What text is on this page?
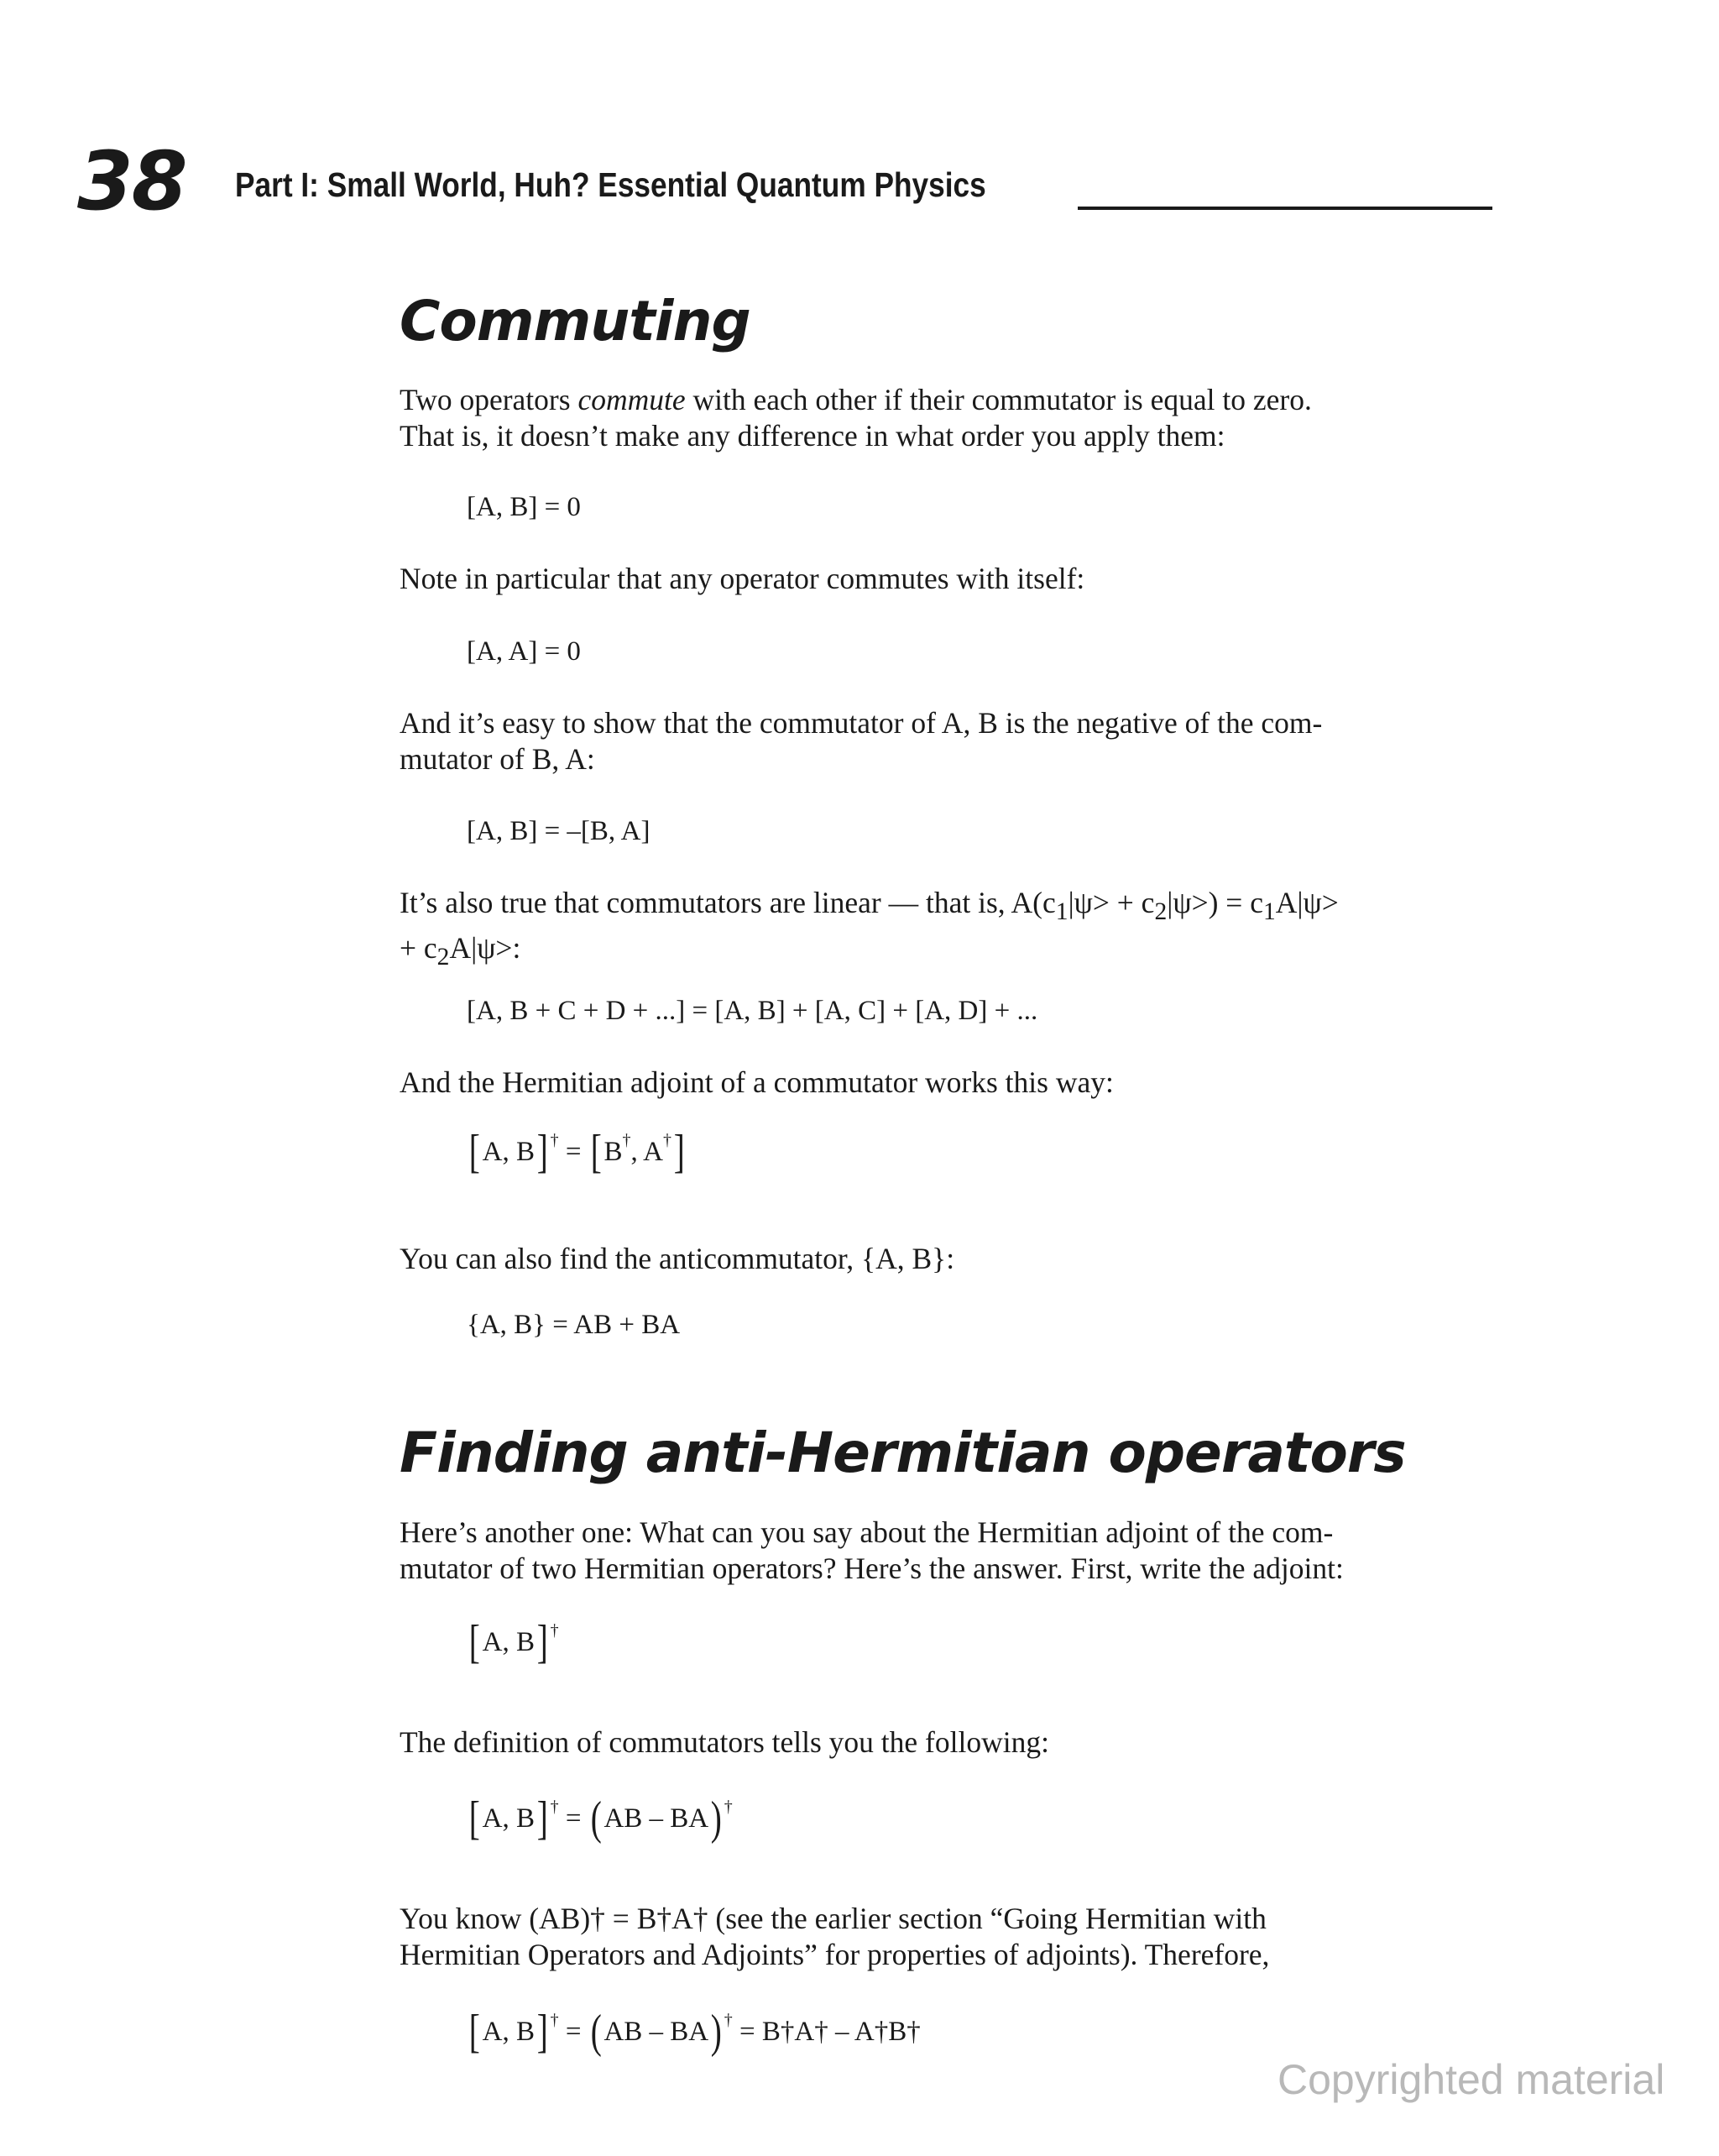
38 Part I: Small World, Huh? Essential Quantum Physics
Commuting

Two operators commute with each other if their commutator is equal to zero.
That is, it doesn’t make any difference in what order you apply them:

[A, B] = 0

Note in particular that any operator commutes with itself:

[A, A] = 0

And it’s easy to show that the commutator of A, B is the negative of the com-
mutator of B, A:

[A, B] = –[B, A]

It’s also true that commutators are linear — that is, $A(c_1|\psi> + c_2|\psi>) = c_1A|\psi>$
+ $c_2A|\psi>$:

[A, B + C + D + ...] = [A, B] + [A, C] + [A, D] + ...

And the Hermitian adjoint of a commutator works this way:

[A, B] † = [B†, A†]

You can also find the anticommutator, {A, B}:

{A, B} = AB + BA
Finding anti-Hermitian operators

Here’s another one: What can you say about the Hermitian adjoint of the com-
mutator of two Hermitian operators? Here’s the answer. First, write the adjoint:

[A, B] †

The definition of commutators tells you the following:

[A, B] † = (AB – BA) †

You know (AB)† = B†A† (see the earlier section “Going Hermitian with
Hermitian Operators and Adjoints” for properties of adjoints). Therefore,

[A, B] † = (AB – BA) † = B†A† – A†B†
Copyrighted material
